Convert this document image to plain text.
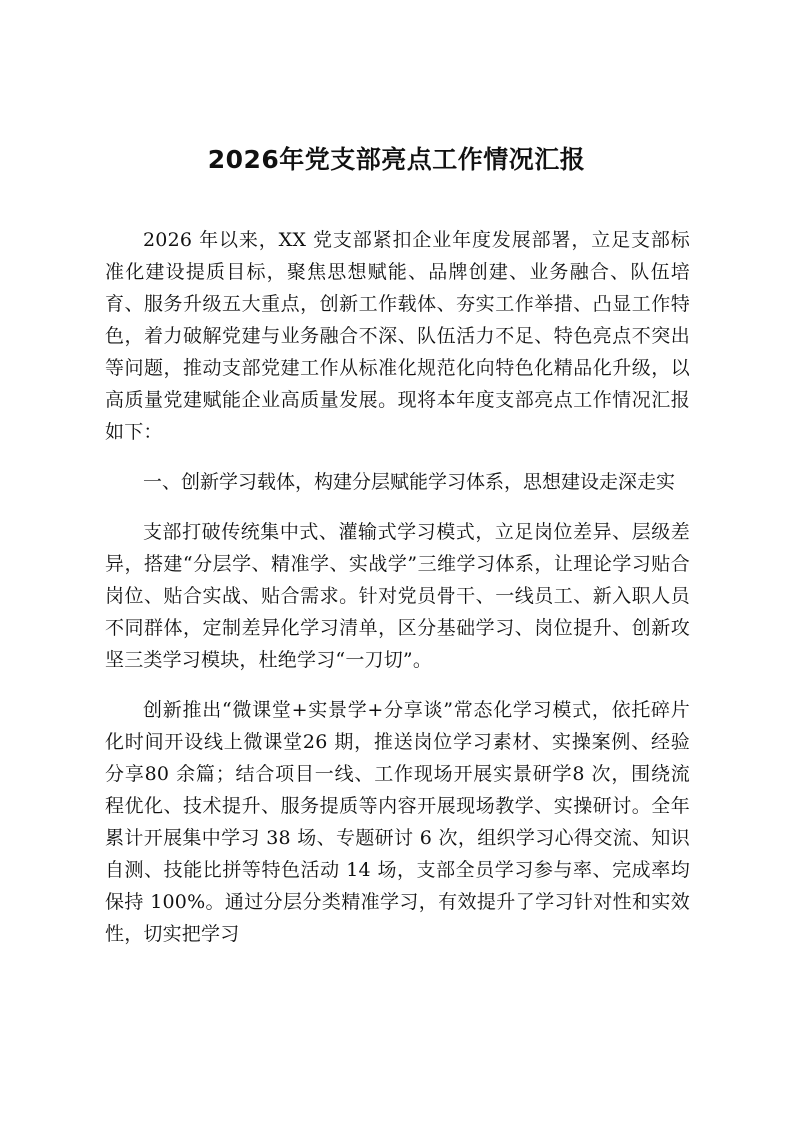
2026年党支部亮点工作情况汇报

2026 年以来，XX 党支部紧扣企业年度发展部署，立足支部标准化建设提质目标，聚焦思想赋能、品牌创建、业务融合、队伍培育、服务升级五大重点，创新工作载体、夯实工作举措、凸显工作特色，着力破解党建与业务融合不深、队伍活力不足、特色亮点不突出等问题，推动支部党建工作从标准化规范化向特色化精品化升级，以高质量党建赋能企业高质量发展。现将本年度支部亮点工作情况汇报如下：

一、创新学习载体，构建分层赋能学习体系，思想建设走深走实

支部打破传统集中式、灌输式学习模式，立足岗位差异、层级差异，搭建“分层学、精准学、实战学”三维学习体系，让理论学习贴合岗位、贴合实战、贴合需求。针对党员骨干、一线员工、新入职人员不同群体，定制差异化学习清单，区分基础学习、岗位提升、创新攻坚三类学习模块，杜绝学习“一刀切”。

创新推出“微课堂+实景学+分享谈”常态化学习模式，依托碎片化时间开设线上微课堂26 期，推送岗位学习素材、实操案例、经验分享80 余篇；结合项目一线、工作现场开展实景研学8 次，围绕流程优化、技术提升、服务提质等内容开展现场教学、实操研讨。全年累计开展集中学习 38 场、专题研讨 6 次，组织学习心得交流、知识自测、技能比拼等特色活动 14 场，支部全员学习参与率、完成率均保持 100%。通过分层分类精准学习，有效提升了学习针对性和实效性，切实把学习
